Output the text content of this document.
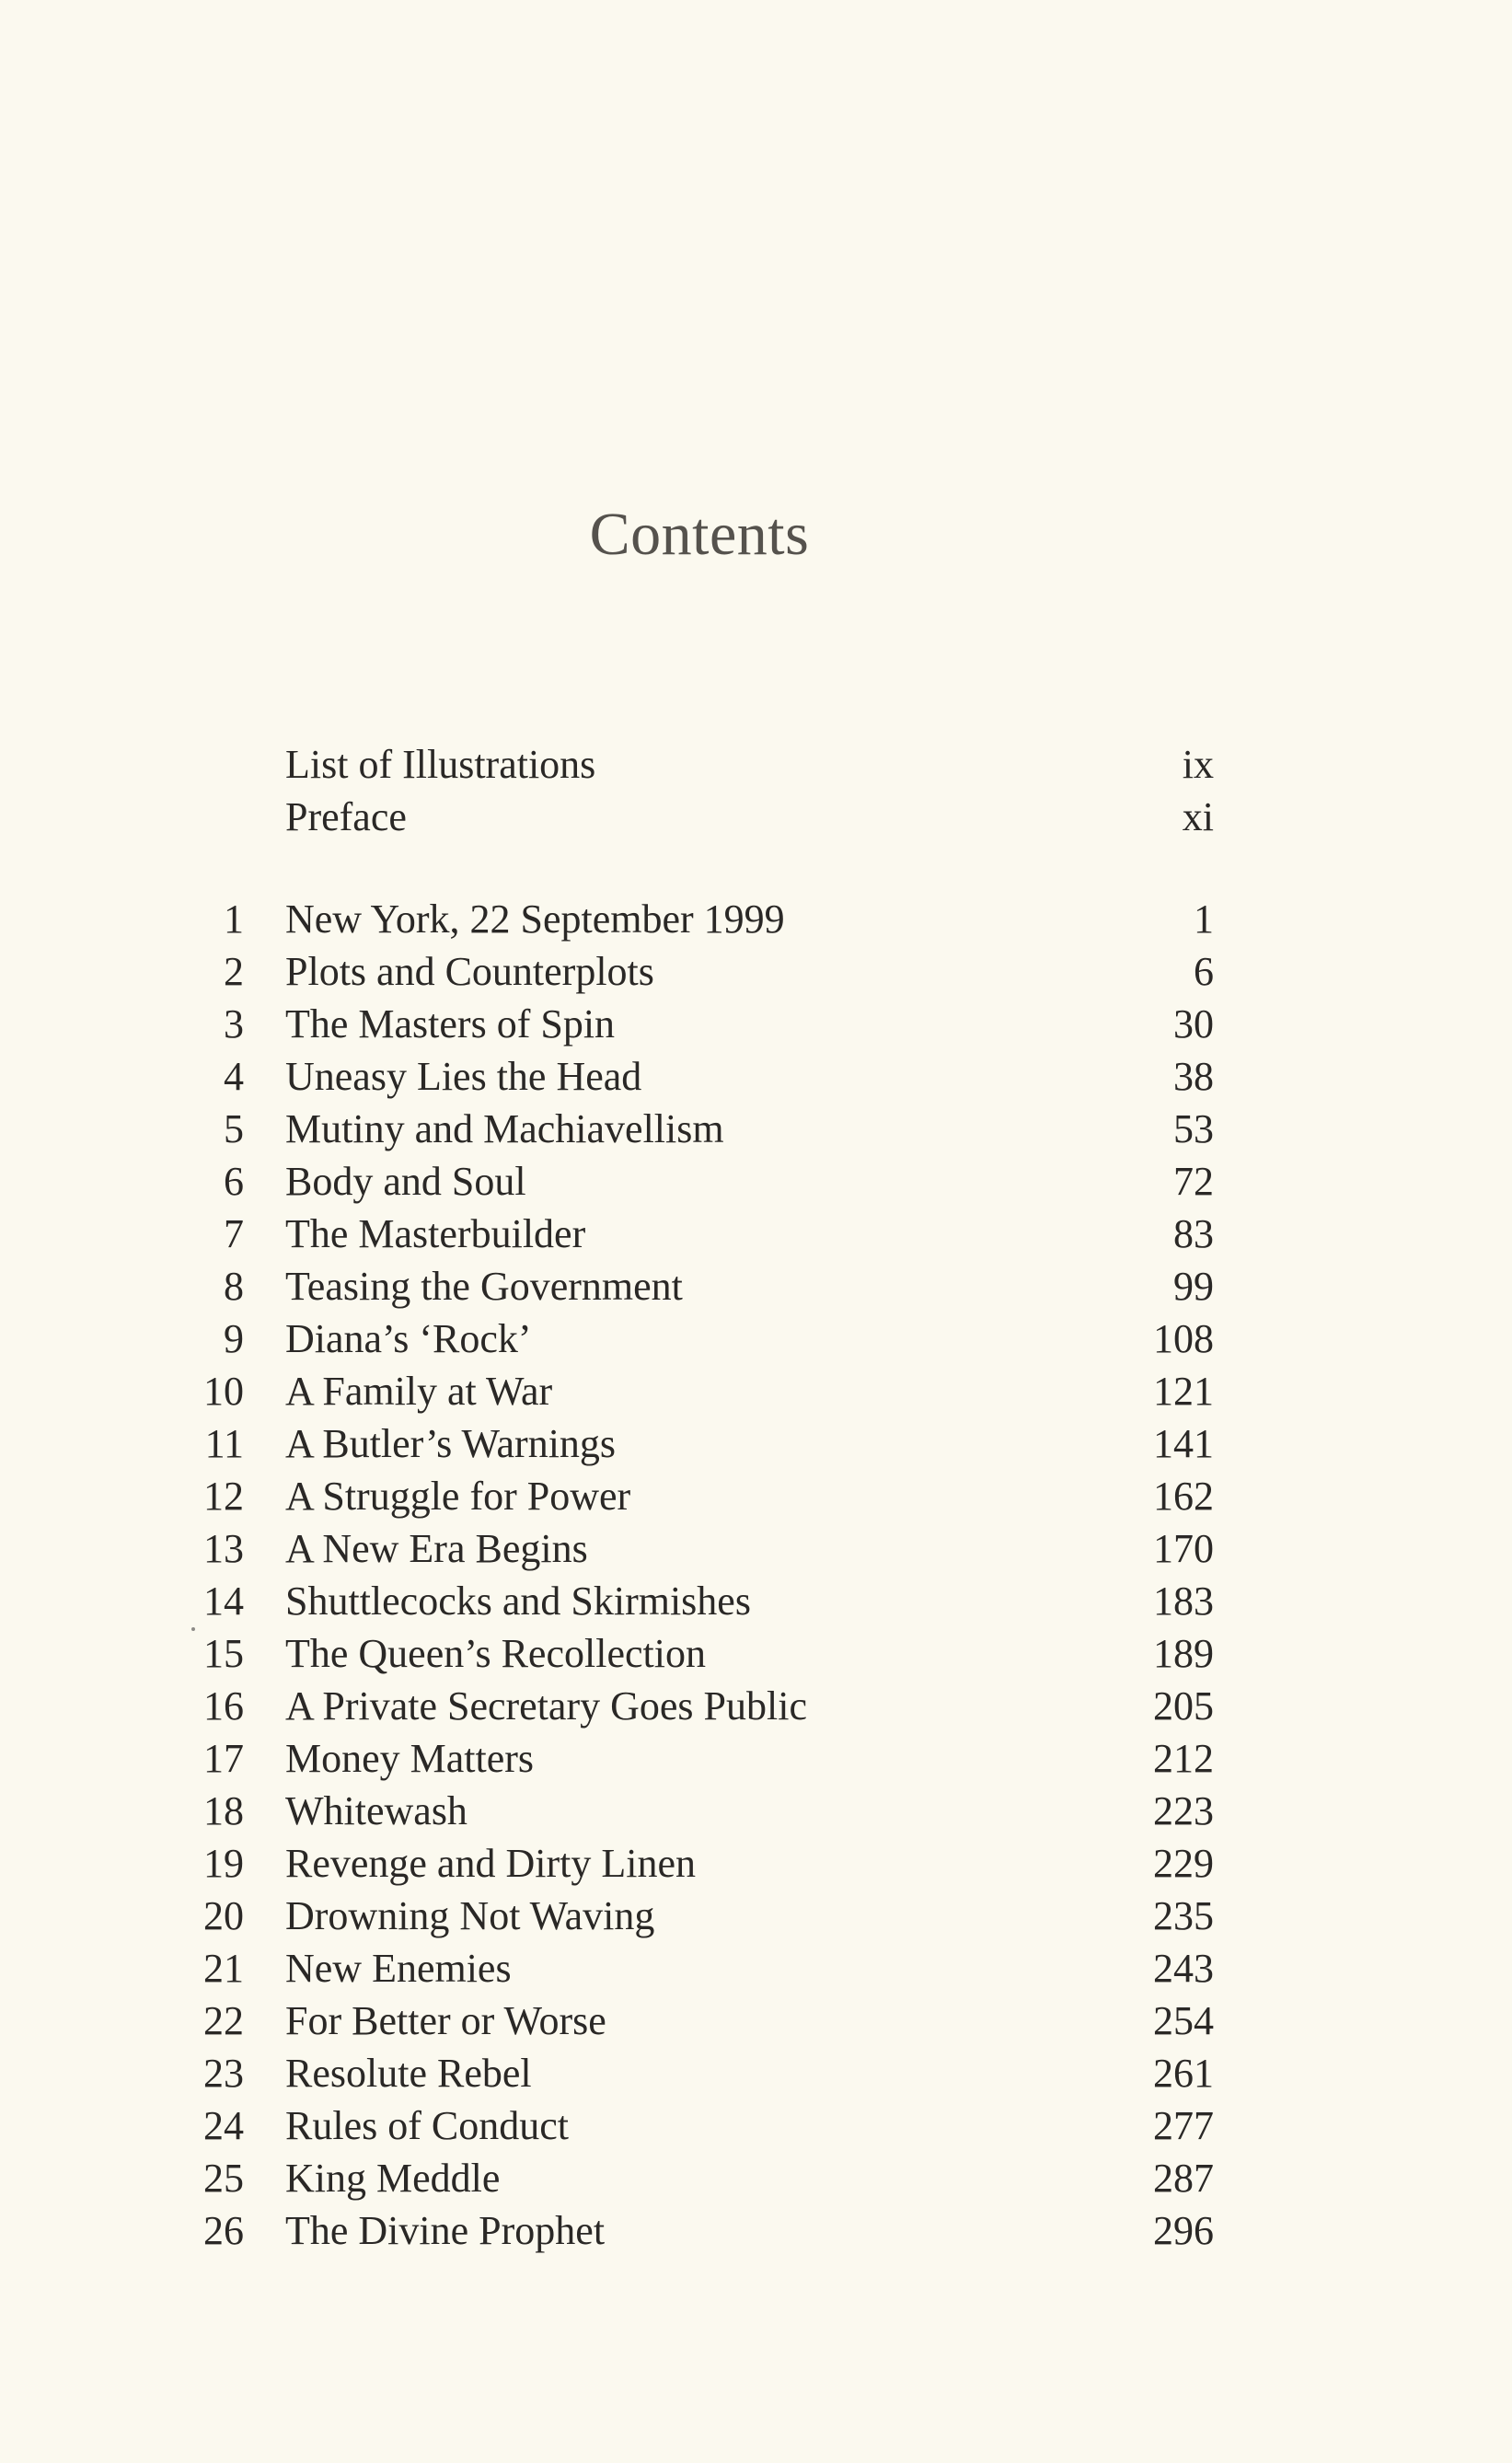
Contents
List of Illustrations	ix
Preface	xi
1 New York, 22 September 1999	1
2 Plots and Counterplots	6
3 The Masters of Spin	30
4 Uneasy Lies the Head	38
5 Mutiny and Machiavellism	53
6 Body and Soul	72
7 The Masterbuilder	83
8 Teasing the Government	99
9 Diana’s ‘Rock’	108
10 A Family at War	121
11 A Butler’s Warnings	141
12 A Struggle for Power	162
13 A New Era Begins	170
14 Shuttlecocks and Skirmishes	183
15 The Queen’s Recollection	189
16 A Private Secretary Goes Public	205
17 Money Matters	212
18 Whitewash	223
19 Revenge and Dirty Linen	229
20 Drowning Not Waving	235
21 New Enemies	243
22 For Better or Worse	254
23 Resolute Rebel	261
24 Rules of Conduct	277
25 King Meddle	287
26 The Divine Prophet	296
